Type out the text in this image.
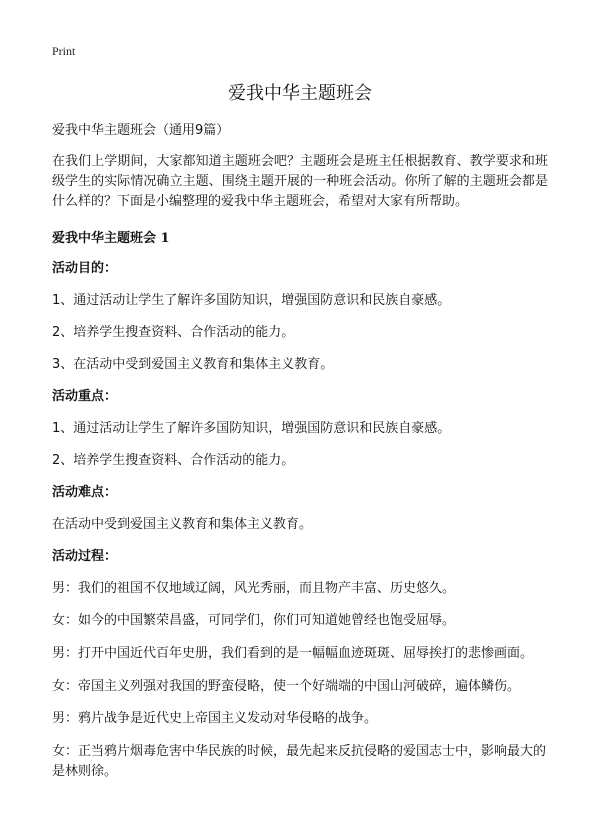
Print
爱我中华主题班会
爱我中华主题班会（通用9篇）
在我们上学期间，大家都知道主题班会吧？主题班会是班主任根据教育、教学要求和班级学生的实际情况确立主题、围绕主题开展的一种班会活动。你所了解的主题班会都是什么样的？下面是小编整理的爱我中华主题班会，希望对大家有所帮助。
爱我中华主题班会 1
活动目的：
1、通过活动让学生了解许多国防知识，增强国防意识和民族自豪感。
2、培养学生搜查资料、合作活动的能力。
3、在活动中受到爱国主义教育和集体主义教育。
活动重点：
1、通过活动让学生了解许多国防知识，增强国防意识和民族自豪感。
2、培养学生搜查资料、合作活动的能力。
活动难点：
在活动中受到爱国主义教育和集体主义教育。
活动过程：
男：我们的祖国不仅地域辽阔，风光秀丽，而且物产丰富、历史悠久。
女：如今的中国繁荣昌盛，可同学们，你们可知道她曾经也饱受屈辱。
男：打开中国近代百年史册，我们看到的是一幅幅血迹斑斑、屈辱挨打的悲惨画面。
女：帝国主义列强对我国的野蛮侵略，使一个好端端的中国山河破碎，遍体鳞伤。
男：鸦片战争是近代史上帝国主义发动对华侵略的战争。
女：正当鸦片烟毒危害中华民族的时候，最先起来反抗侵略的爱国志士中，影响最大的是林则徐。
